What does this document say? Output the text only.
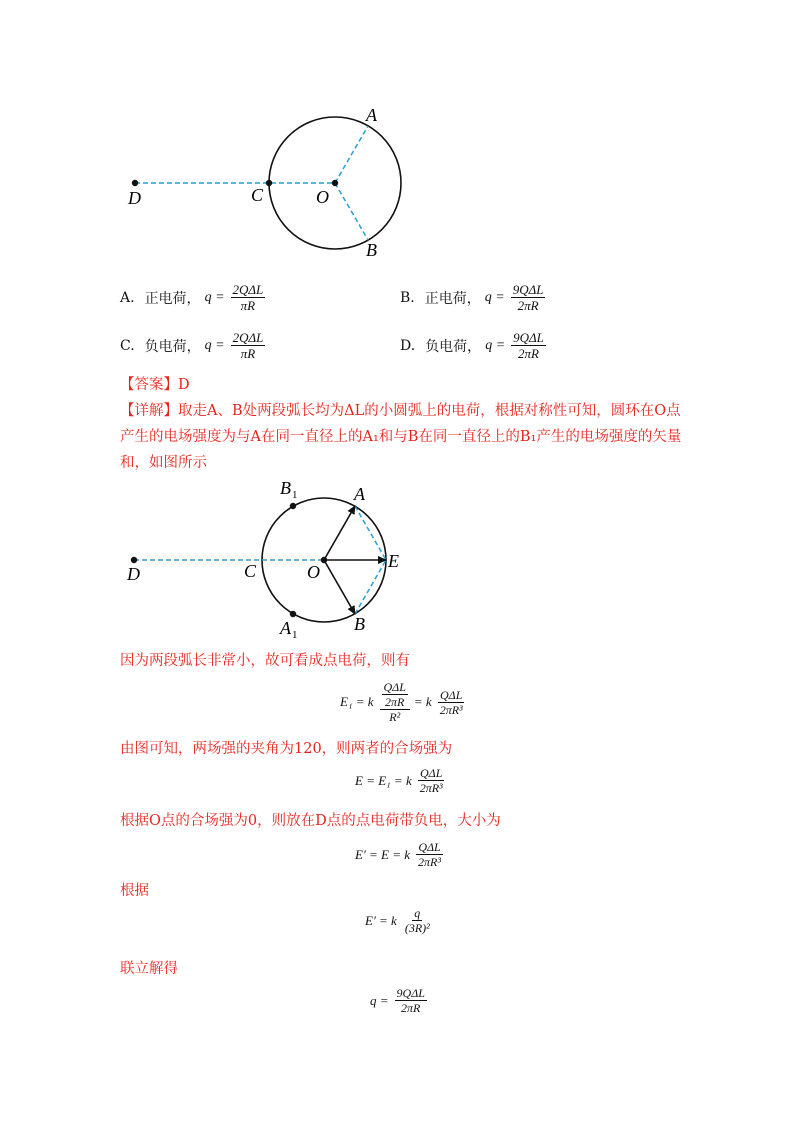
A
B
C	O
D
A. 正电荷， $q = \frac{\text{2QΔL}}{\pi R}$	B. 正电荷， $q = \frac{\text{9QΔL}}{2\pi R}$
C. 负电荷， $q = \frac{\text{2QΔL}}{\pi R}$	D. 负电荷， $q = \frac{\text{9QΔL}}{2\pi R}$
【答案】D
【详解】取走A、B处两段弧长均为ΔL的小圆弧上的电荷，根据对称性可知，圆环在O点
产生的电场强度为与A在同一直径上的A₁和与B在同一直径上的B₁产生的电场强度的矢量
和，如图所示
A
B
C	O
E
D
B 1
A 1
因为两段弧长非常小，故可看成点电荷，则有
E₁ = k QΔL
2πR
R² = k $\frac{\text{QΔL}}{\text{2πR³}}$
由图可知，两场强的夹角为120，则两者的合场强为
E = E₁ = k $\frac{\text{QΔL}}{\text{2πR³}}$
根据O点的合场强为0，则放在D点的点电荷带负电，大小为
E′ = E = k $\frac{\text{QΔL}}{\text{2πR³}}$
根据
E′ = k $\frac{q}{\text{(3R)²}}$
联立解得
$q = \frac{\text{9QΔL}}{2\pi R}$
